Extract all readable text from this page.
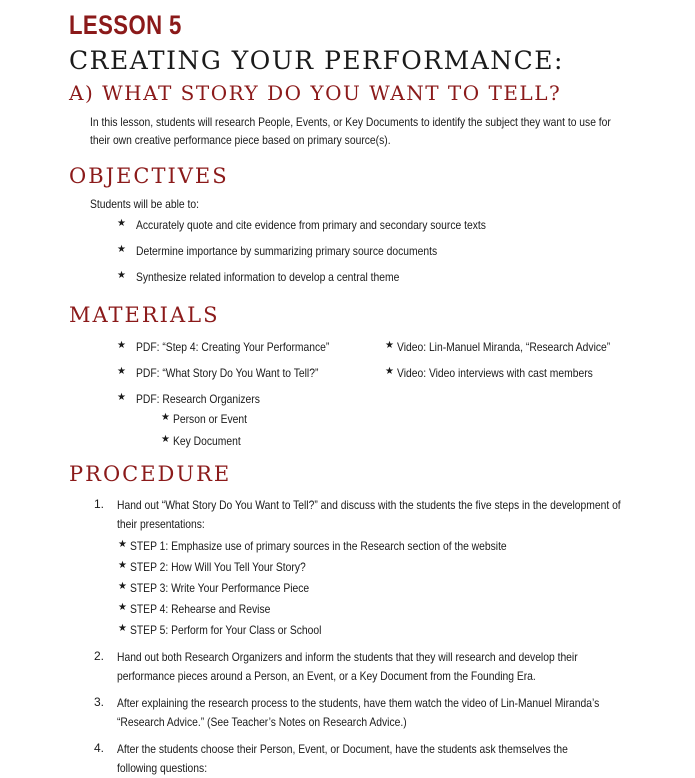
LESSON 5
CREATING YOUR PERFORMANCE:
A) WHAT STORY DO YOU WANT TO TELL?
In this lesson, students will research People, Events, or Key Documents to identify the subject they want to use for
their own creative performance piece based on primary source(s).
OBJECTIVES
Students will be able to:
★ Accurately quote and cite evidence from primary and secondary source texts
★ Determine importance by summarizing primary source documents
★ Synthesize related information to develop a central theme
MATERIALS
★ PDF: “Step 4: Creating Your Performance”
★ PDF: “What Story Do You Want to Tell?”
★ PDF: Research Organizers
★ Person or Event
★ Key Document
★ Video: Lin-Manuel Miranda, “Research Advice”
★ Video: Video interviews with cast members
PROCEDURE
1. Hand out “What Story Do You Want to Tell?” and discuss with the students the five steps in the development of
their presentations:
★ STEP 1: Emphasize use of primary sources in the Research section of the website
★ STEP 2: How Will You Tell Your Story?
★ STEP 3: Write Your Performance Piece
★ STEP 4: Rehearse and Revise
★ STEP 5: Perform for Your Class or School
2. Hand out both Research Organizers and inform the students that they will research and develop their
performance pieces around a Person, an Event, or a Key Document from the Founding Era.
3. After explaining the research process to the students, have them watch the video of Lin-Manuel Miranda’s
“Research Advice.” (See Teacher’s Notes on Research Advice.)
4. After the students choose their Person, Event, or Document, have the students ask themselves the
following questions:
